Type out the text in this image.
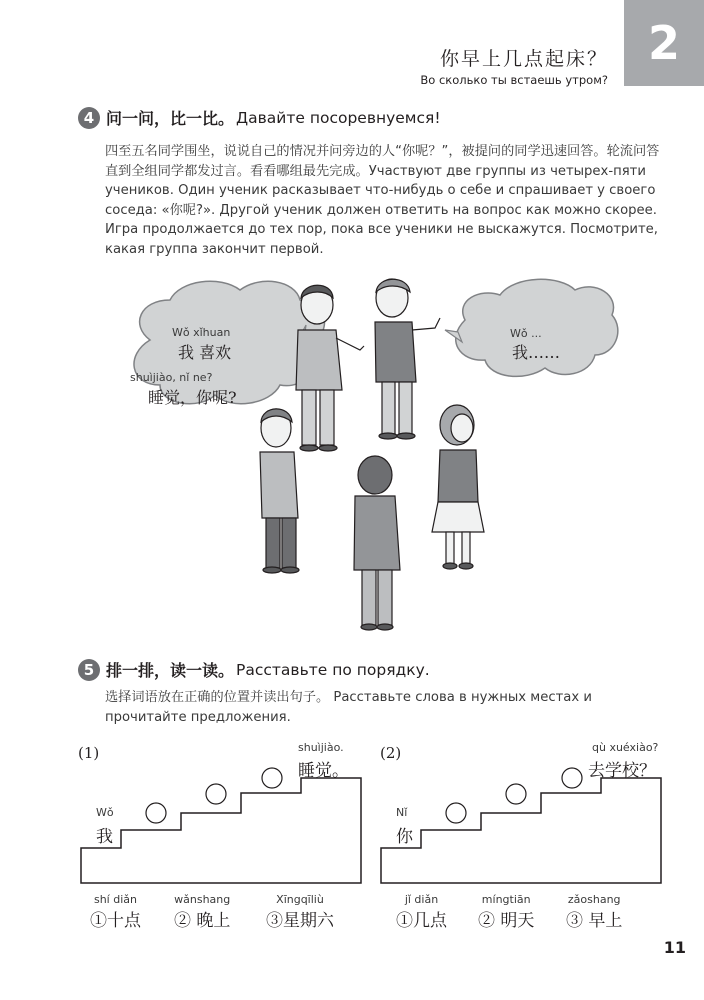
2
你早上几点起床？
Во сколько ты встаешь утром?
4 问一问，比一比。 Давайте посоревнуемся!
四至五名同学围坐，说说自己的情况并问旁边的人“你呢？”，被提问的同学迅速回答。轮流问答直到全组同学都发过言。看看哪组最先完成。Участвуют две группы из четырех-пяти учеников. Один ученик расказывает что-нибудь о себе и спрашивает у своего соседа: «你呢?». Другой ученик должен ответить на вопрос как можно скорее. Игра продолжается до тех пор, пока все ученики не выскажутся. Посмотрите, какая группа закончит первой.
Wǒ xǐhuan
我 喜欢
shuìjiào, nǐ ne?
睡觉，你呢?
Wǒ ...
我……
5 排一排，读一读。 Расставьте по порядку.
选择词语放在正确的位置并读出句子。 Расставьте слова в нужных местах и прочитайте предложения.
(1)
Wǒ
我
shuìjiào.
睡觉。
shí diǎn
①十点
wǎnshang
② 晚上
Xīngqīliù
③星期六
(2)
Nǐ
你
qù xuéxiào?
去学校？
jǐ diǎn
①几点
míngtiān
② 明天
zǎoshang
③ 早上
11
